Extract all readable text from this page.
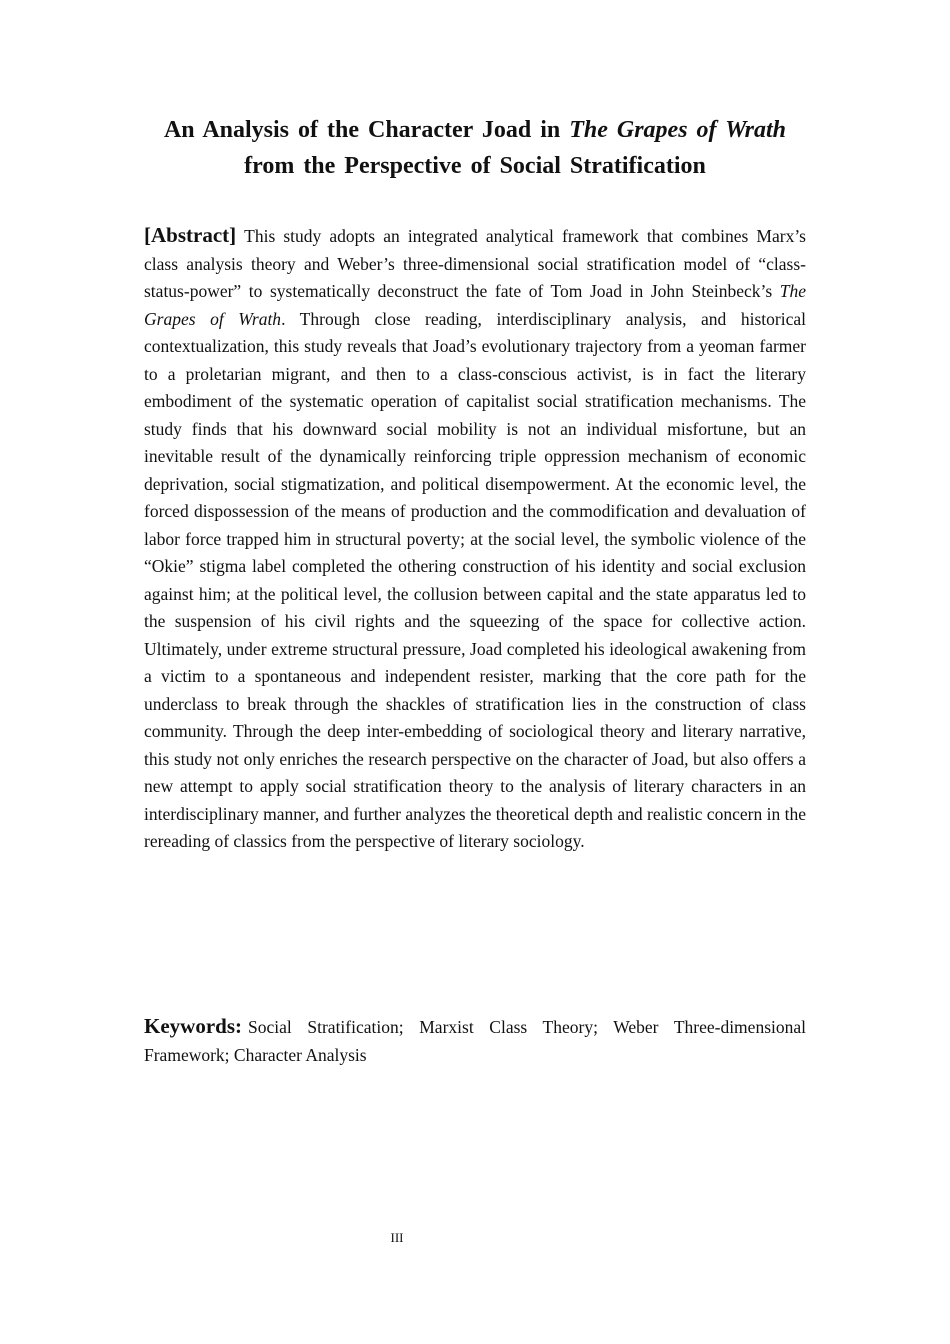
An Analysis of the Character Joad in The Grapes of Wrath from the Perspective of Social Stratification

[Abstract] This study adopts an integrated analytical framework that combines Marx’s class analysis theory and Weber’s three-dimensional social stratification model of “class-status-power” to systematically deconstruct the fate of Tom Joad in John Steinbeck’s The Grapes of Wrath. Through close reading, interdisciplinary analysis, and historical contextualization, this study reveals that Joad’s evolutionary trajectory from a yeoman farmer to a proletarian migrant, and then to a class-conscious activist, is in fact the literary embodiment of the systematic operation of capitalist social stratification mechanisms. The study finds that his downward social mobility is not an individual misfortune, but an inevitable result of the dynamically reinforcing triple oppression mechanism of economic deprivation, social stigmatization, and political disempowerment. At the economic level, the forced dispossession of the means of production and the commodification and devaluation of labor force trapped him in structural poverty; at the social level, the symbolic violence of the “Okie” stigma label completed the othering construction of his identity and social exclusion against him; at the political level, the collusion between capital and the state apparatus led to the suspension of his civil rights and the squeezing of the space for collective action. Ultimately, under extreme structural pressure, Joad completed his ideological awakening from a victim to a spontaneous and independent resister, marking that the core path for the underclass to break through the shackles of stratification lies in the construction of class community. Through the deep inter-embedding of sociological theory and literary narrative, this study not only enriches the research perspective on the character of Joad, but also offers a new attempt to apply social stratification theory to the analysis of literary characters in an interdisciplinary manner, and further analyzes the theoretical depth and realistic concern in the rereading of classics from the perspective of literary sociology.

Keywords: Social Stratification; Marxist Class Theory; Weber Three-dimensional Framework; Character Analysis

III
